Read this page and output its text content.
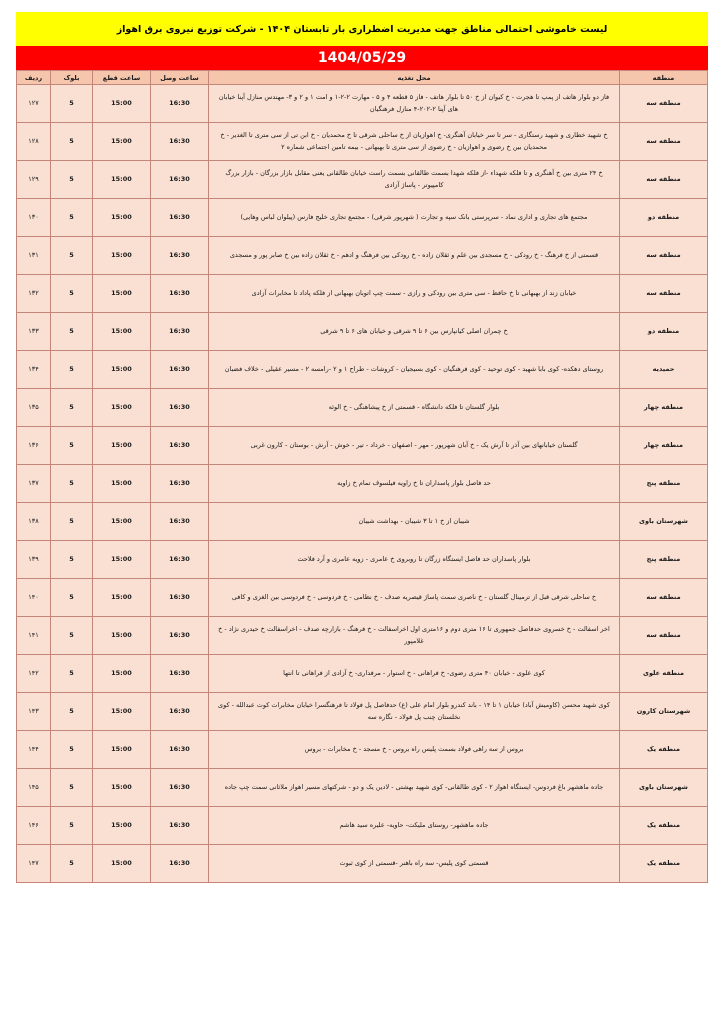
لیست خاموشی احتمالی مناطق جهت مدیریت اضطراری بار تابستان ۱۴۰۴ - شرکت توزیع نیروی برق اهواز
1404/05/29
منطقه	محل تغذیه	ساعت وصل	ساعت قطع	بلوک	ردیف
منطقه سه	فاز دو بلوار هاتف از پمپ تا هجرت - خ کیوان از خ ۵۰ تا بلوار هاتف - فاز ۵ قطعه ۴ و ۵ - مهارت ۲-۲-۱ و امت ۱ و ۲ و ۳- مهندس منازل آپنا خیابان های آپنا ۲-۲۰۲-۴ منازل فرهنگیان	16:30	15:00	5	۱۲۷
منطقه سه	خ شهید خطاری و شهید رستگاری - سر تا سر خیابان آهنگری- خ اهوازیان از خ ساحلی شرقی تا خ محمدیان - خ ابن تی از سی متری تا الغدیر - خ محمدیان بین خ رضوی و اهوازیان - خ رضوی از سی متری تا بهبهانی - بیمه تامین اجتماعی شماره ۲	16:30	15:00	5	۱۲۸
منطقه سه	خ ۲۴ متری بین خ آهنگری و تا فلکه شهداء -از فلکه شهدا بسمت طالقانی بسمت راست خیابان طالقانی یعنی مقابل بازار بزرگان - بازار بزرگ کامپیوتر - پاساژ آزادی	16:30	15:00	5	۱۲۹
منطقه دو	مجتمع های تجاری و اداری نماد - سرپرستی بانک سپه و تجارت ( شهرپور شرقی) - مجتمع تجاری خلیج فارس (پیلوان لباس وهایی)	16:30	15:00	5	۱۳۰
منطقه سه	قسمتی از خ فرهنگ - خ رودکی - خ مسجدی بین علم و ثقلان زاده - خ رودکی بین فرهنگ و ادهم - خ ثقلان زاده بین خ صابر پور و مسجدی	16:30	15:00	5	۱۳۱
منطقه سه	خیابان زند از بهبهانی تا خ حافظ - سی متری بین رودکی و رازی - سمت چپ اتوبان بهبهانی از فلکه پاداد تا مخابرات آزادی	16:30	15:00	5	۱۳۲
منطقه دو	خ چمران اصلی کیانپارس بین ۶ تا ۹ شرقی و خیابان های ۶ تا ۹ شرقی	16:30	15:00	5	۱۳۳
حمیدیه	روستای دهکده- کوی بابا شهید - کوی توحید - کوی فرهنگیان - کوی بسیجیان - کروشات - طراح ۱ و ۲ -رامسه ۲ - مسیر عقیلی - خلاف فضبان	16:30	15:00	5	۱۳۴
منطقه چهار	بلوار گلستان تا فلکه دانشگاه - قسمتی از خ پیشاهنگی - خ الوئه	16:30	15:00	5	۱۳۵
منطقه چهار	گلستان خیابانهای بین آذر تا آرش یک - خ آبان شهرپور - مهر - اصفهان - خرداد - تیر - خوش - آرش - بوستان - کارون غربی	16:30	15:00	5	۱۳۶
منطقه پنج	حد فاصل بلوار پاسداران تا خ زاویه فیلسوف تمام خ زاویه	16:30	15:00	5	۱۳۷
شهرستان باوی	شیبان از خ ۱ تا ۳ شیبان - بهداشت شیبان	16:30	15:00	5	۱۳۸
منطقه پنج	بلوار پاسداران حد فاصل ایستگاه زرگان تا روبروی خ عامری - زویه عامری و آرد فلاحت	16:30	15:00	5	۱۳۹
منطقه سه	خ ساحلی شرقی قبل از ترمینال گلستان - خ ناصری سمت پاساژ قیصریه صدف - خ نظامی - خ فردوسی - خ فردوسی بین الغزی و کافی	16:30	15:00	5	۱۴۰
منطقه سه	اخر اسفالت - خ خسروی حدفاصل جمهوری تا ۱۶ متری دوم و ۱۶متری اول اخراسفالت - خ فرهنگ - بازارچه صدف - اخراسفالت خ حیدری نژاد - خ غلامپور	16:30	15:00	5	۱۴۱
منطقه علوی	کوی علوی - خیابان ۴۰ متری رضوی- خ فراهانی - خ استوار - مرفداری- خ آزادی از فراهانی تا انتها	16:30	15:00	5	۱۴۲
شهرستان کارون	کوی شهید محسن (کاومیش آباد) خیابان ۱ تا ۱۴ - باند کندرو بلوار امام علی (ع) حدفاصل پل فولاد تا فرهنگسرا خیابان مخابرات کوت عبدالله - کوی نخلستان چنب پل فولاد - نگاره سه	16:30	15:00	5	۱۴۳
منطقه یک	بروس از سه راهی فولاد بسمت پلیس راه بروس - خ مسجد - خ مخابرات - بروس	16:30	15:00	5	۱۴۴
شهرستان باوی	جاده ماهشهر باغ فردوس- ایستگاه اهواز ۲ - کوی طالقانی- کوی شهید بهشتی - لادین یک و دو - شرکتهای مسیر اهواز ملاثانی سمت چپ جاده	16:30	15:00	5	۱۴۵
منطقه یک	جاده ماهشهر- روستای ملیکت- حاویه- علیره سید هاشم	16:30	15:00	5	۱۴۶
منطقه یک	قسمتی کوی پلیس- سه راه باهنر -قسمتی از کوی ثبوت	16:30	15:00	5	۱۴۷
